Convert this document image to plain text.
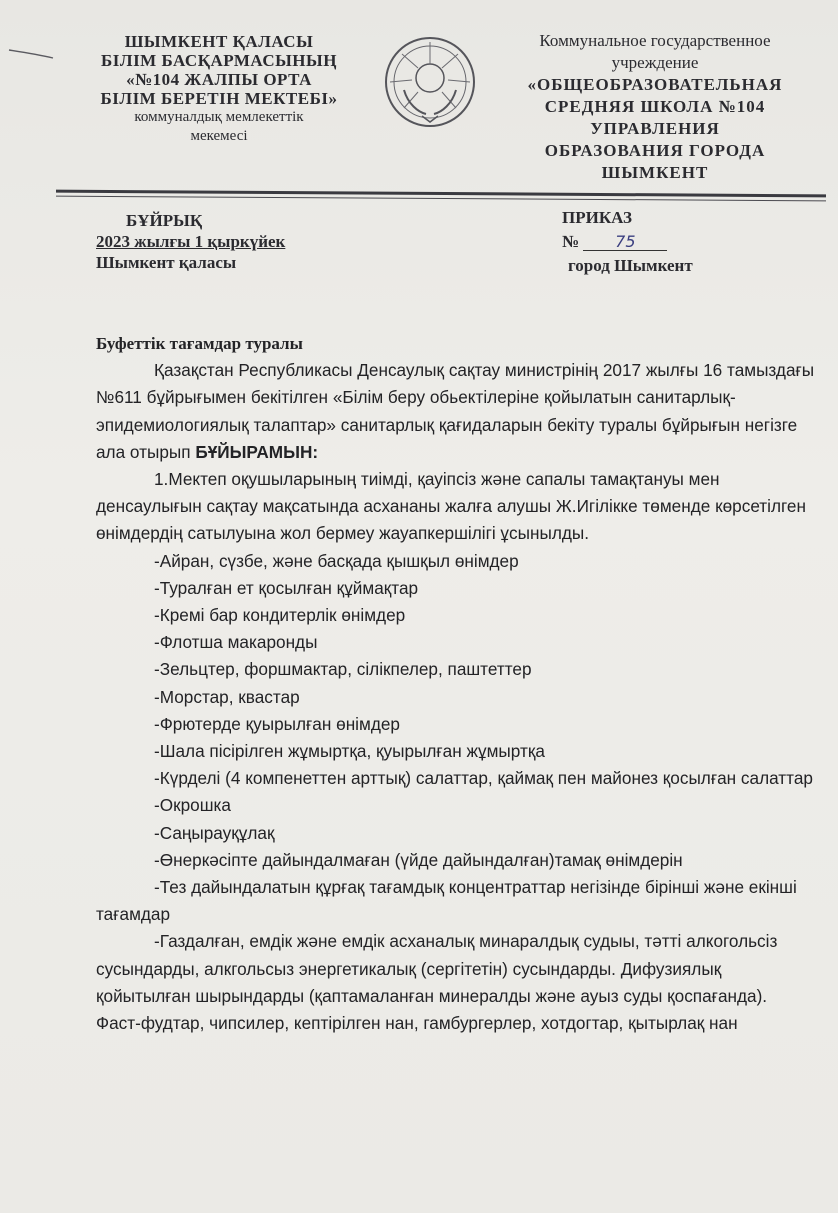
ШЫМКЕНТ ҚАЛАСЫ
БІЛІМ БАСҚАРМАСЫНЫҢ
«№104 ЖАЛПЫ ОРТА
БІЛІМ БЕРЕТІН МЕКТЕБІ»
коммуналдық мемлекеттік
мекемесі
Коммунальное государственное
учреждение
«ОБЩЕОБРАЗОВАТЕЛЬНАЯ
СРЕДНЯЯ ШКОЛА №104
УПРАВЛЕНИЯ
ОБРАЗОВАНИЯ ГОРОДА
ШЫМКЕНТ
БҰЙРЫҚ
2023 жылғы 1 қыркүйек
Шымкент қаласы
ПРИКАЗ
№ 75
город Шымкент
Буфеттік тағамдар туралы
Қазақстан Республикасы Денсаулық сақтау министрінің 2017 жылғы 16 тамыздағы №611 бұйрығымен бекітілген «Білім беру обьектілеріне қойылатын санитарлық-эпидемиологиялық талаптар» санитарлық қағидаларын бекіту туралы бұйрығын негізге ала отырып БҰЙЫРАМЫН:
1.Мектеп оқушыларының тиімді, қауіпсіз және сапалы тамақтануы мен денсаулығын сақтау мақсатында асхананы жалға алушы Ж.Игілікке төменде көрсетілген өнімдердің сатылуына жол бермеу жауапкершілігі ұсынылды.
-Айран, сүзбе, және басқада қышқыл өнімдер
-Туралған ет қосылған құймақтар
-Кремі бар кондитерлік өнімдер
-Флотша макаронды
-Зельцтер, форшмактар, сілікпелер, паштеттер
-Морстар, квастар
-Фрютерде қуырылған өнімдер
-Шала пісірілген жұмыртқа, қуырылған жұмыртқа
-Күрделі (4 компенеттен арттық) салаттар, қаймақ пен майонез қосылған салаттар
-Окрошка
-Саңырауқұлақ
-Өнеркәсіпте дайындалмаған (үйде дайындалған)тамақ өнімдерін
-Тез дайындалатын құрғақ тағамдық концентраттар негізінде бірінші және екінші тағамдар
-Газдалған, емдік және емдік асханалық минаралдық судыы, тәтті алкогольсіз сусындарды, алкгольсыз энергетикалық (сергітетін) сусындарды. Дифузиялық қойытылған шырындарды (қаптамаланған минералды және ауыз суды қоспағанда). Фаст-фудтар, чипсилер, кептірілген нан, гамбургерлер, хотдогтар, қытырлақ нан
